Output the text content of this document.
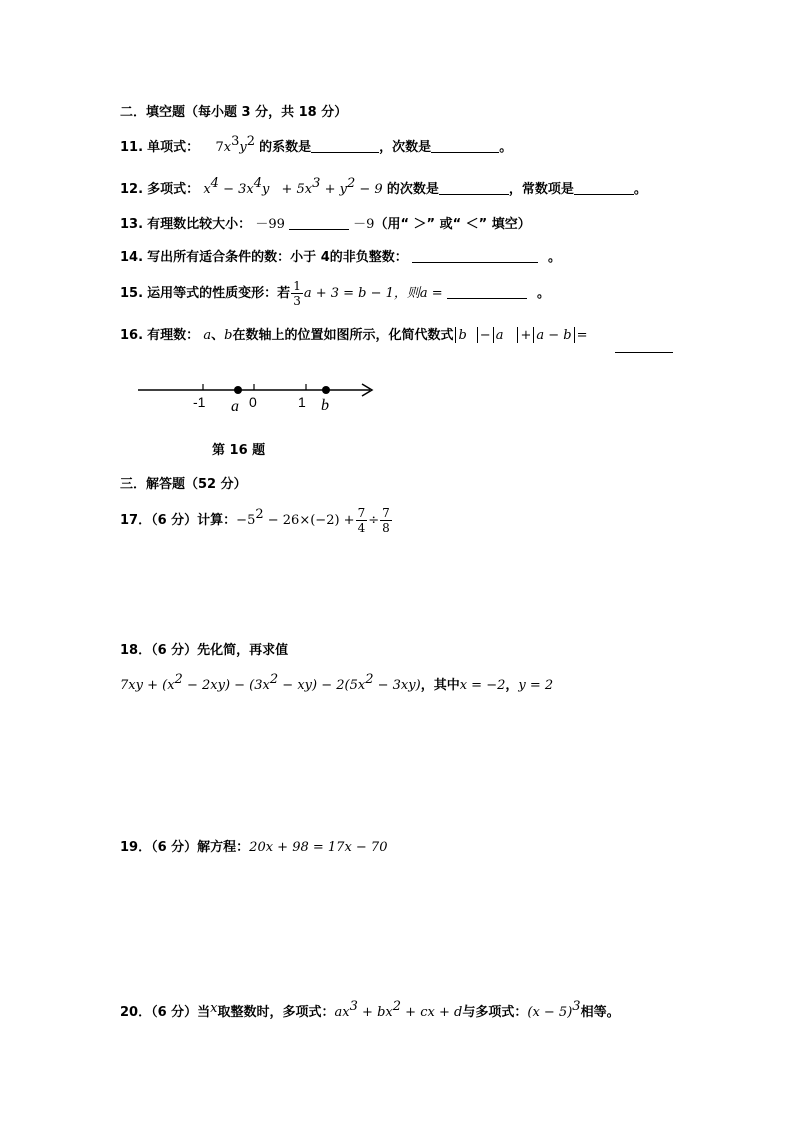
二．填空题（每小题 3 分，共 18 分）
11. 单项式： $7x^3y^2$ 的系数是	，次数是	。
12. 多项式： $x^4 - 3x^4y + 5x^3 + y^2 - 9$ 的次数是	，常数项是	。
13. 有理数比较大小： －99	－9（用“ ＞” 或“ ＜” 填空）
14. 写出所有适合条件的数：小于 4的非负整数：	。
15. 运用等式的性质变形：若 $\frac{1}{3}$ a + 3 = b − 1，则a =	。
16. 有理数： a、b在数轴上的位置如图所示，化简代数式 b − a + a − b =
-1	0	1
a	b
第 16 题
三．解答题（52 分）
17．（6 分）计算：$-5^2 - 26\times(-2) + \frac{7}{4} \div \frac{7}{8}$
18．（6 分）先化简，再求值
$7xy + (x^2 - 2xy) - (3x^2 - xy) - 2(5x^2 - 3xy)$，其中x = −2，y = 2
19．（6 分）解方程：20x + 98 = 17x − 70
20．（6 分）当x取整数时，多项式：$ax^3 + bx^2$ + cx + d与多项式：$(x - 5)^3$相等。
